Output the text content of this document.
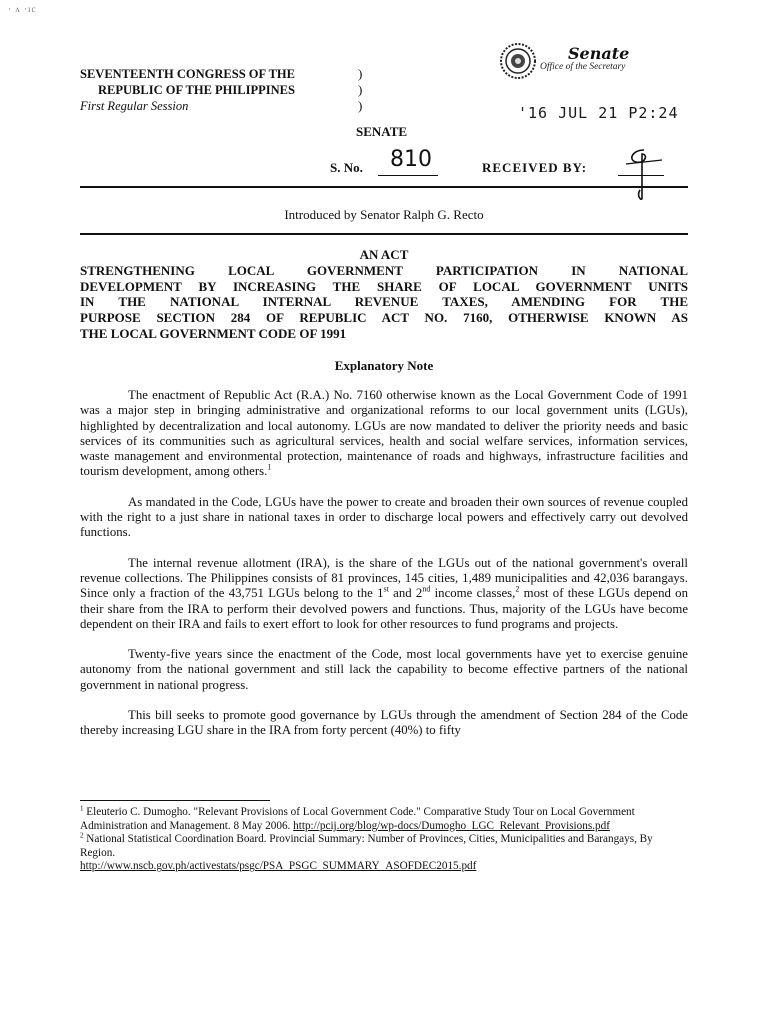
· ʌ ·ıc
SEVENTEENTH CONGRESS OF THE
REPUBLIC OF THE PHILIPPINES
First Regular Session
)
)
)
Senate
Office of the Secretary
'16 JUL 21 P2:24
SENATE
S. No. 810	RECEIVED BY:
Introduced by Senator Ralph G. Recto
AN ACT
STRENGTHENING LOCAL GOVERNMENT PARTICIPATION IN NATIONAL
DEVELOPMENT BY INCREASING THE SHARE OF LOCAL GOVERNMENT UNITS
IN THE NATIONAL INTERNAL REVENUE TAXES, AMENDING FOR THE
PURPOSE SECTION 284 OF REPUBLIC ACT NO. 7160, OTHERWISE KNOWN AS
THE LOCAL GOVERNMENT CODE OF 1991
Explanatory Note

The enactment of Republic Act (R.A.) No. 7160 otherwise known as the Local Government Code of 1991 was a major step in bringing administrative and organizational reforms to our local government units (LGUs), highlighted by decentralization and local autonomy. LGUs are now mandated to deliver the priority needs and basic services of its communities such as agricultural services, health and social welfare services, information services, waste management and environmental protection, maintenance of roads and highways, infrastructure facilities and tourism development, among others.$^1$

As mandated in the Code, LGUs have the power to create and broaden their own sources of revenue coupled with the right to a just share in national taxes in order to discharge local powers and effectively carry out devolved functions.

The internal revenue allotment (IRA), is the share of the LGUs out of the national government's overall revenue collections. The Philippines consists of 81 provinces, 145 cities, 1,489 municipalities and 42,036 barangays. Since only a fraction of the 43,751 LGUs belong to the 1st and 2nd income classes,$^2$ most of these LGUs depend on their share from the IRA to perform their devolved powers and functions. Thus, majority of the LGUs have become dependent on their IRA and fails to exert effort to look for other resources to fund programs and projects.

Twenty-five years since the enactment of the Code, most local governments have yet to exercise genuine autonomy from the national government and still lack the capability to become effective partners of the national government in national progress.

This bill seeks to promote good governance by LGUs through the amendment of Section 284 of the Code thereby increasing LGU share in the IRA from forty percent (40%) to fifty

$^1$ Eleuterio C. Dumogho. "Relevant Provisions of Local Government Code." Comparative Study Tour on Local Government Administration and Management. 8 May 2006. http://pcij.org/blog/wp-docs/Dumogho_LGC_Relevant_Provisions.pdf

$^2$ National Statistical Coordination Board. Provincial Summary: Number of Provinces, Cities, Municipalities and Barangays, By Region.

http://www.nscb.gov.ph/activestats/psgc/PSA_PSGC_SUMMARY_ASOFDEC2015.pdf
